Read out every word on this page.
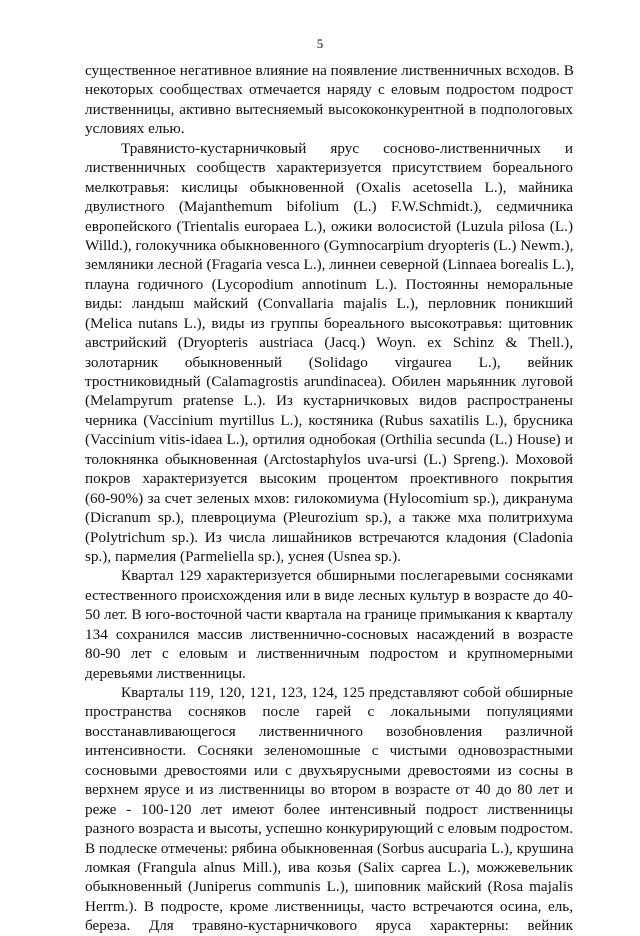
5
существенное негативное влияние на появление лиственничных всходов. В
некоторых сообществах отмечается наряду с еловым подростом подрост
лиственницы, активно вытесняемый высококонкурентной в подпологовых
условиях елью.
Травянисто-кустарничковый ярус сосново-лиственничных и
лиственничных сообществ характеризуется присутствием бореального
мелкотравья: кислицы обыкновенной (Oxalis acetosella L.), майника
двулистного (Majanthemum bifolium (L.) F.W.Schmidt.), седмичника
европейского (Trientalis europaea L.), ожики волосистой (Luzula pilosa (L.)
Willd.), голокучника обыкновенного (Gymnocarpium dryopteris (L.) Newm.),
земляники лесной (Fragaria vesca L.), линнеи северной (Linnaea borealis L.),
плауна годичного (Lycopodium annotinum L.). Постоянны неморальные
виды: ландыш майский (Convallaria majalis L.), перловник поникший
(Melica nutans L.), виды из группы бореального высокотравья: щитовник
австрийский (Dryopteris austriaca (Jacq.) Woyn. ex Schinz & Thell.),
золотарник обыкновенный (Solidago virgaurea L.), вейник
тростниковидный (Calamagrostis arundinacea). Обилен марьянник луговой
(Melampyrum pratense L.). Из кустарничковых видов распространены
черника (Vaccinium myrtillus L.), костяника (Rubus saxatilis L.), брусника
(Vaccinium vitis-idaea L.), ортилия однобокая (Orthilia secunda (L.) House) и
толокнянка обыкновенная (Arctostaphylos uva-ursi (L.) Spreng.). Моховой
покров характеризуется высоким процентом проективного покрытия
(60-90%) за счет зеленых мхов: гилокомиума (Hylocomium sp.), дикранума
(Dicranum sp.), плевроциума (Pleurozium sp.), а также мха политрихума
(Polytrichum sp.). Из числа лишайников встречаются кладония (Cladonia
sp.), пармелия (Parmeliella sp.), уснея (Usnea sp.).
Квартал 129 характеризуется обширными послегаревыми сосняками
естественного происхождения или в виде лесных культур в возрасте до 40-
50 лет. В юго-восточной части квартала на границе примыкания к кварталу
134 сохранился массив лиственнично-сосновых насаждений в возрасте
80-90 лет с еловым и лиственничным подростом и крупномерными
деревьями лиственницы.
Кварталы 119, 120, 121, 123, 124, 125 представляют собой обширные
пространства сосняков после гарей с локальными популяциями
восстанавливающегося лиственничного возобновления различной
интенсивности. Сосняки зеленомошные с чистыми одновозрастными
сосновыми древостоями или с двухъярусными древостоями из сосны в
верхнем ярусе и из лиственницы во втором в возрасте от 40 до 80 лет и
реже - 100-120 лет имеют более интенсивный подрост лиственницы
разного возраста и высоты, успешно конкурирующий с еловым подростом.
В подлеске отмечены: рябина обыкновенная (Sorbus aucuparia L.), крушина
ломкая (Frangula alnus Mill.), ива козья (Salix caprea L.), можжевельник
обыкновенный (Juniperus communis L.), шиповник майский (Rosa majalis
Herrm.). В подросте, кроме лиственницы, часто встречаются осина, ель,
береза. Для травяно-кустарничкового яруса характерны: вейник
